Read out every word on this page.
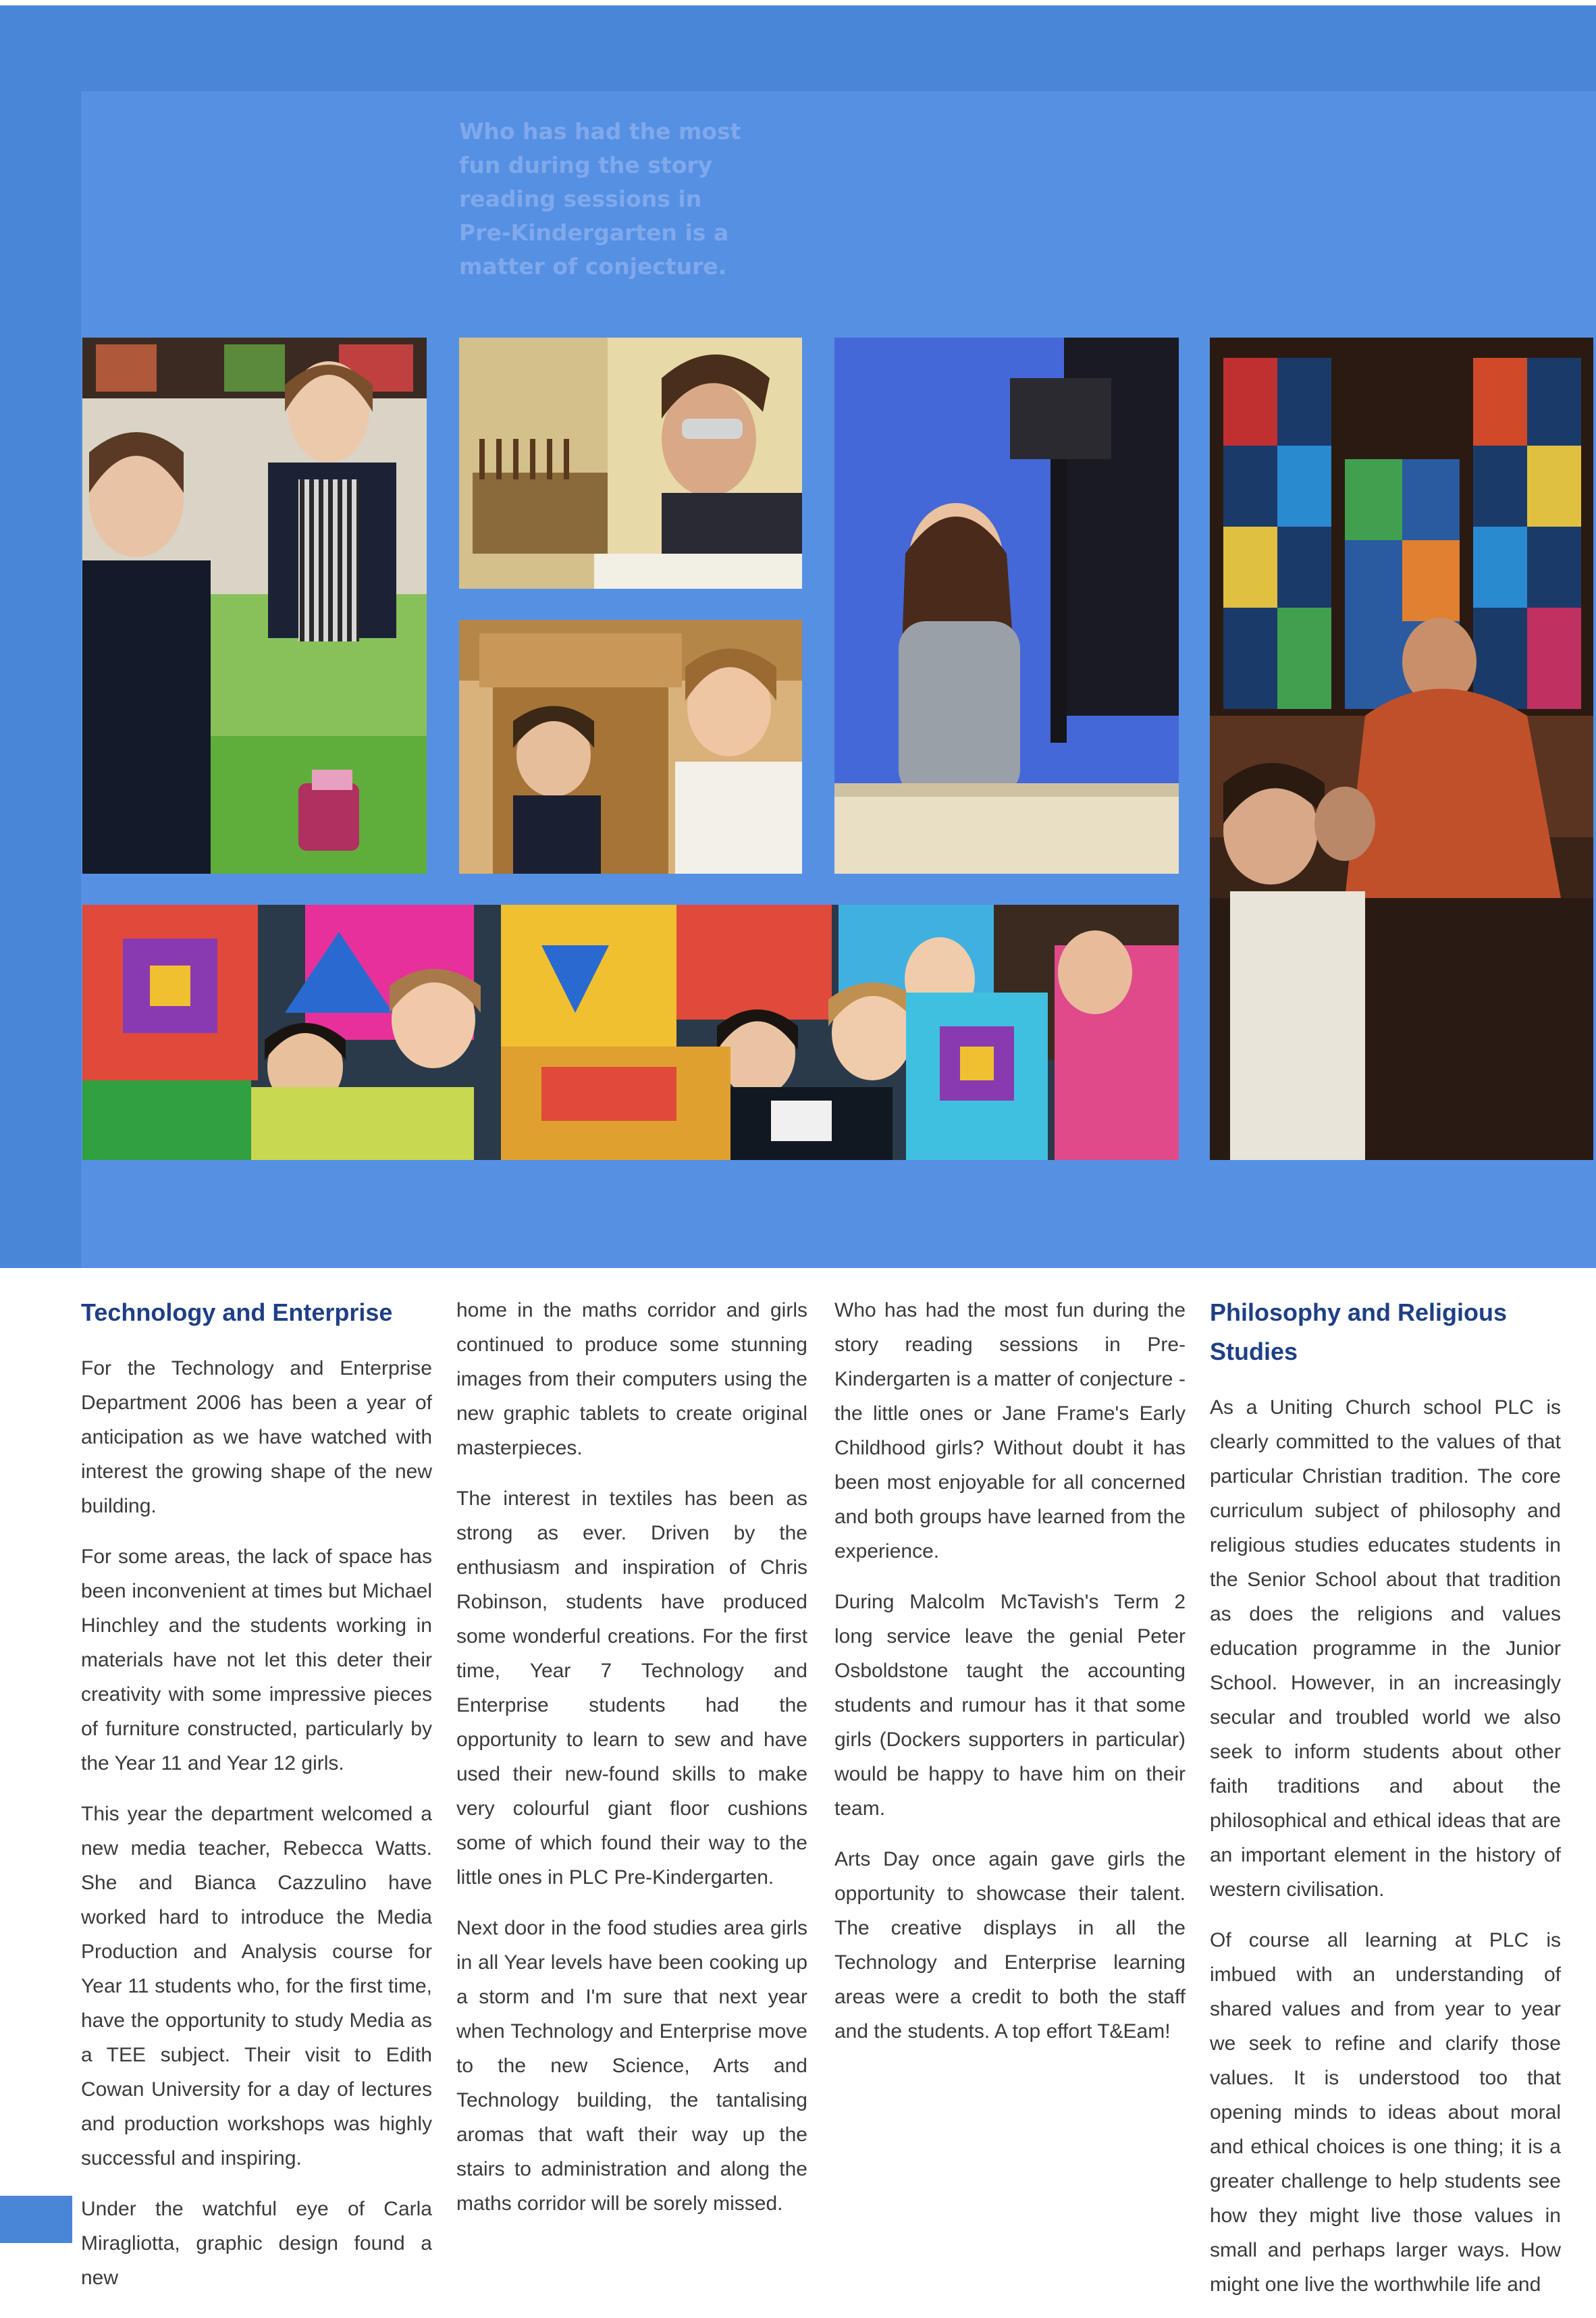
Who has had the most
fun during the story
reading sessions in
Pre-Kindergarten is a
matter of conjecture.
Technology and Enterprise

For the Technology and Enterprise Department 2006 has been a year of anticipation as we have watched with interest the growing shape of the new building.

For some areas, the lack of space has been inconvenient at times but Michael Hinchley and the students working in materials have not let this deter their creativity with some impressive pieces of furniture constructed, particularly by the Year 11 and Year 12 girls.

This year the department welcomed a new media teacher, Rebecca Watts. She and Bianca Cazzulino have worked hard to introduce the Media Production and Analysis course for Year 11 students who, for the first time, have the opportunity to study Media as a TEE subject. Their visit to Edith Cowan University for a day of lectures and production workshops was highly successful and inspiring.

Under the watchful eye of Carla Miragliotta, graphic design found a new

home in the maths corridor and girls continued to produce some stunning images from their computers using the new graphic tablets to create original masterpieces.

The interest in textiles has been as strong as ever. Driven by the enthusiasm and inspiration of Chris Robinson, students have produced some wonderful creations. For the first time, Year 7 Technology and Enterprise students had the opportunity to learn to sew and have used their new-found skills to make very colourful giant floor cushions some of which found their way to the little ones in PLC Pre-Kindergarten.

Next door in the food studies area girls in all Year levels have been cooking up a storm and I'm sure that next year when Technology and Enterprise move to the new Science, Arts and Technology building, the tantalising aromas that waft their way up the stairs to administration and along the maths corridor will be sorely missed.

Who has had the most fun during the story reading sessions in Pre-Kindergarten is a matter of conjecture - the little ones or Jane Frame's Early Childhood girls? Without doubt it has been most enjoyable for all concerned and both groups have learned from the experience.

During Malcolm McTavish's Term 2 long service leave the genial Peter Osboldstone taught the accounting students and rumour has it that some girls (Dockers supporters in particular) would be happy to have him on their team.

Arts Day once again gave girls the opportunity to showcase their talent. The creative displays in all the Technology and Enterprise learning areas were a credit to both the staff and the students. A top effort T&Eam!

Philosophy and Religious Studies

As a Uniting Church school PLC is clearly committed to the values of that particular Christian tradition. The core curriculum subject of philosophy and religious studies educates students in the Senior School about that tradition as does the religions and values education programme in the Junior School. However, in an increasingly secular and troubled world we also seek to inform students about other faith traditions and about the philosophical and ethical ideas that are an important element in the history of western civilisation.

Of course all learning at PLC is imbued with an understanding of shared values and from year to year we seek to refine and clarify those values. It is understood too that opening minds to ideas about moral and ethical choices is one thing; it is a greater challenge to help students see how they might live those values in small and perhaps larger ways. How might one live the worthwhile life and
